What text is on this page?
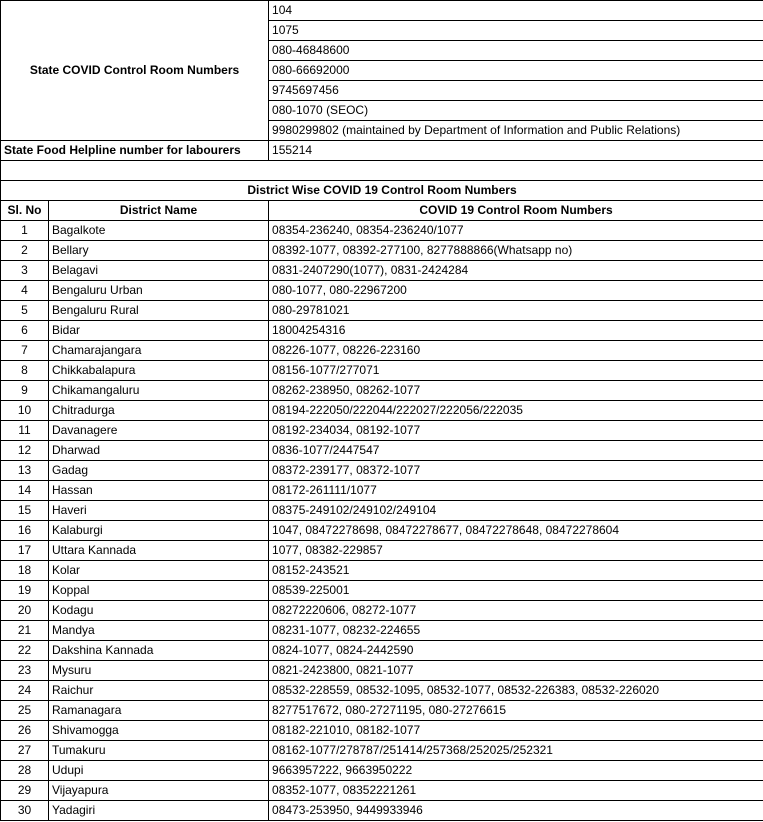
State COVID Control Room Numbers		104
		1075
		080-46848600
		080-66692000
		9745697456
		080-1070 (SEOC)
		9980299802 (maintained by Department of Information and Public Relations)
State Food Helpline number for labourers		155214

District Wise COVID 19 Control Room Numbers		
Sl. No	District Name	COVID 19 Control Room Numbers
1	Bagalkote	08354-236240, 08354-236240/1077
2	Bellary	08392-1077, 08392-277100, 8277888866(Whatsapp no)
3	Belagavi	0831-2407290(1077), 0831-2424284
4	Bengaluru Urban	080-1077, 080-22967200
5	Bengaluru Rural	080-29781021
6	Bidar	18004254316
7	Chamarajangara	08226-1077, 08226-223160
8	Chikkabalapura	08156-1077/277071
9	Chikamangaluru	08262-238950, 08262-1077
10	Chitradurga	08194-222050/222044/222027/222056/222035
11	Davanagere	08192-234034, 08192-1077
12	Dharwad	0836-1077/2447547
13	Gadag	08372-239177, 08372-1077
14	Hassan	08172-261111/1077
15	Haveri	08375-249102/249102/249104
16	Kalaburgi	1047, 08472278698, 08472278677, 08472278648, 08472278604
17	Uttara Kannada	1077, 08382-229857
18	Kolar	08152-243521
19	Koppal	08539-225001
20	Kodagu	08272220606, 08272-1077
21	Mandya	08231-1077, 08232-224655
22	Dakshina Kannada	0824-1077, 0824-2442590
23	Mysuru	0821-2423800, 0821-1077
24	Raichur	08532-228559, 08532-1095, 08532-1077, 08532-226383, 08532-226020
25	Ramanagara	8277517672, 080-27271195, 080-27276615
26	Shivamogga	08182-221010, 08182-1077
27	Tumakuru	08162-1077/278787/251414/257368/252025/252321
28	Udupi	9663957222, 9663950222
29	Vijayapura	08352-1077, 08352221261
30	Yadagiri	08473-253950, 9449933946
